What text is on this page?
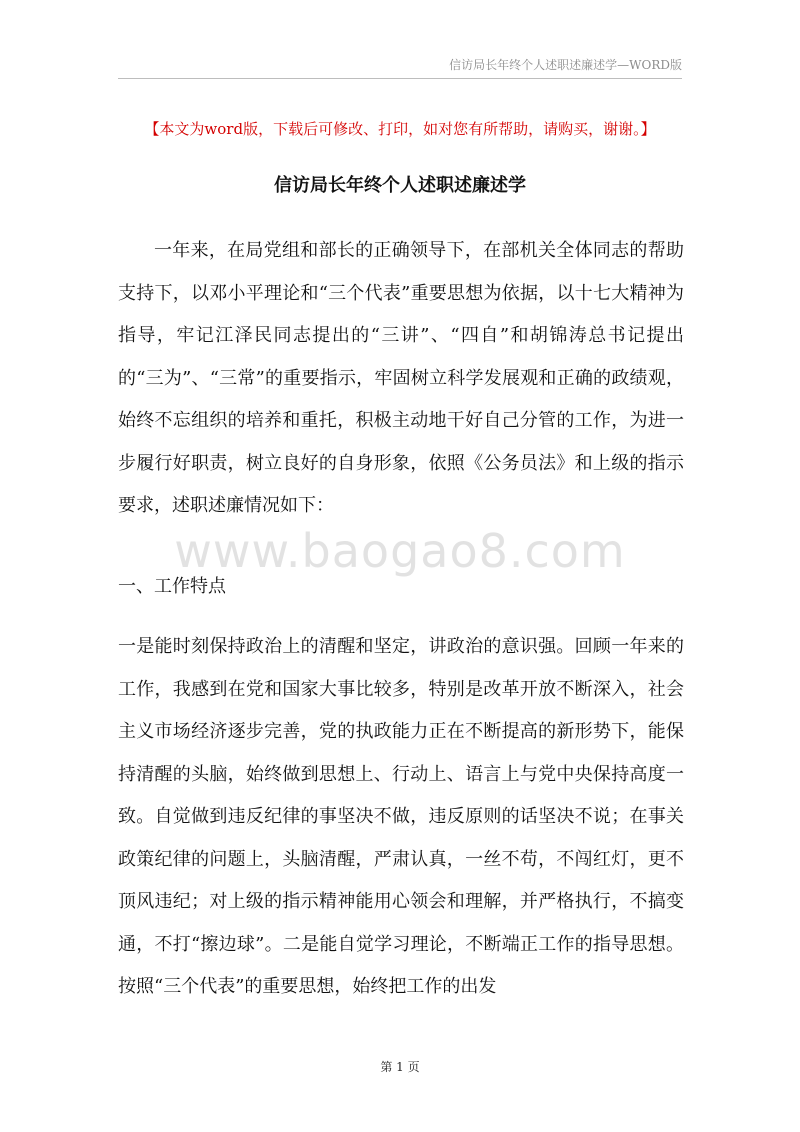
信访局长年终个人述职述廉述学—WORD版
【本文为word版，下载后可修改、打印，如对您有所帮助，请购买，谢谢。】
信访局长年终个人述职述廉述学
一年来，在局党组和部长的正确领导下，在部机关全体同志的帮助支持下，以邓小平理论和“三个代表”重要思想为依据，以十七大精神为指导，牢记江泽民同志提出的“三讲”、“四自”和胡锦涛总书记提出的“三为”、“三常”的重要指示，牢固树立科学发展观和正确的政绩观，始终不忘组织的培养和重托，积极主动地干好自己分管的工作，为进一步履行好职责，树立良好的自身形象，依照《公务员法》和上级的指示要求，述职述廉情况如下：
www.baogao8.com
一、工作特点
一是能时刻保持政治上的清醒和坚定，讲政治的意识强。回顾一年来的工作，我感到在党和国家大事比较多，特别是改革开放不断深入，社会主义市场经济逐步完善，党的执政能力正在不断提高的新形势下，能保持清醒的头脑，始终做到思想上、行动上、语言上与党中央保持高度一致。自觉做到违反纪律的事坚决不做，违反原则的话坚决不说；在事关政策纪律的问题上，头脑清醒，严肃认真，一丝不苟，不闯红灯，更不顶风违纪；对上级的指示精神能用心领会和理解，并严格执行，不搞变通，不打“擦边球”。二是能自觉学习理论，不断端正工作的指导思想。按照“三个代表”的重要思想，始终把工作的出发
第 1 页
